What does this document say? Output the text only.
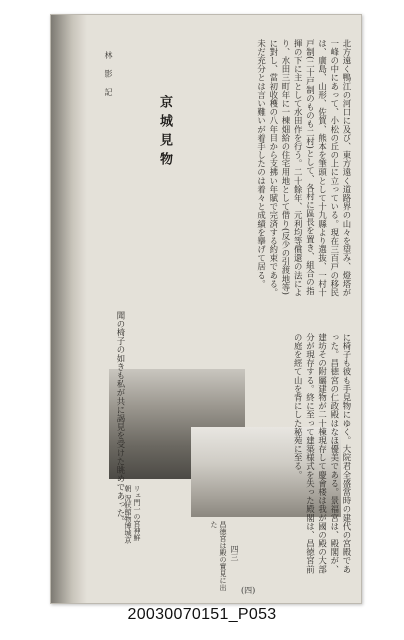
林 影 記	北方遠く鴨江の河口に及び、東方遠く道路界の山々を望み、燈塔が一峰の中にあって、小松の丘の上に立っている。現在三百戸の移民は、廣島、山形、佐賀、熊本を筆頭として十九縣より選抜、一村十戸制(二十戸制のものも二村)として、各村に區長を置き、組合の指揮の下に主として水田作を行う。二十餘年、元利均等償還の法により、水田三町年に一棟畑給の住宅用地として借り(反少の引渡地等)に對し、當初收穫の八年目から支拂い年賦で完済する約束である。未だ充分とは言い難いが着手したのは着々と成績を擧げて居る。
京城見物
リェ門一の宮神鮮朝 況狀館物博城京
昌徳宮は殿の實見に出た	に椅子も彼も手見物にゆく。大院君全盛當時の建代の宮殿であった。昌徳宮の仁政殿はなほ優美である。景福宮は、殿閣が、建坊その附屬建物が二十棟現存して慶會楼は我が國の殿の大部分が現存する。終に至って建築様式を失った殿閣は、昌徳宮前の庭を經て山を背にした秘苑に至る。
聞の椅子の如きも私が共に謁見を受けた眺めであった。
四三
(四)
20030070151_P053
